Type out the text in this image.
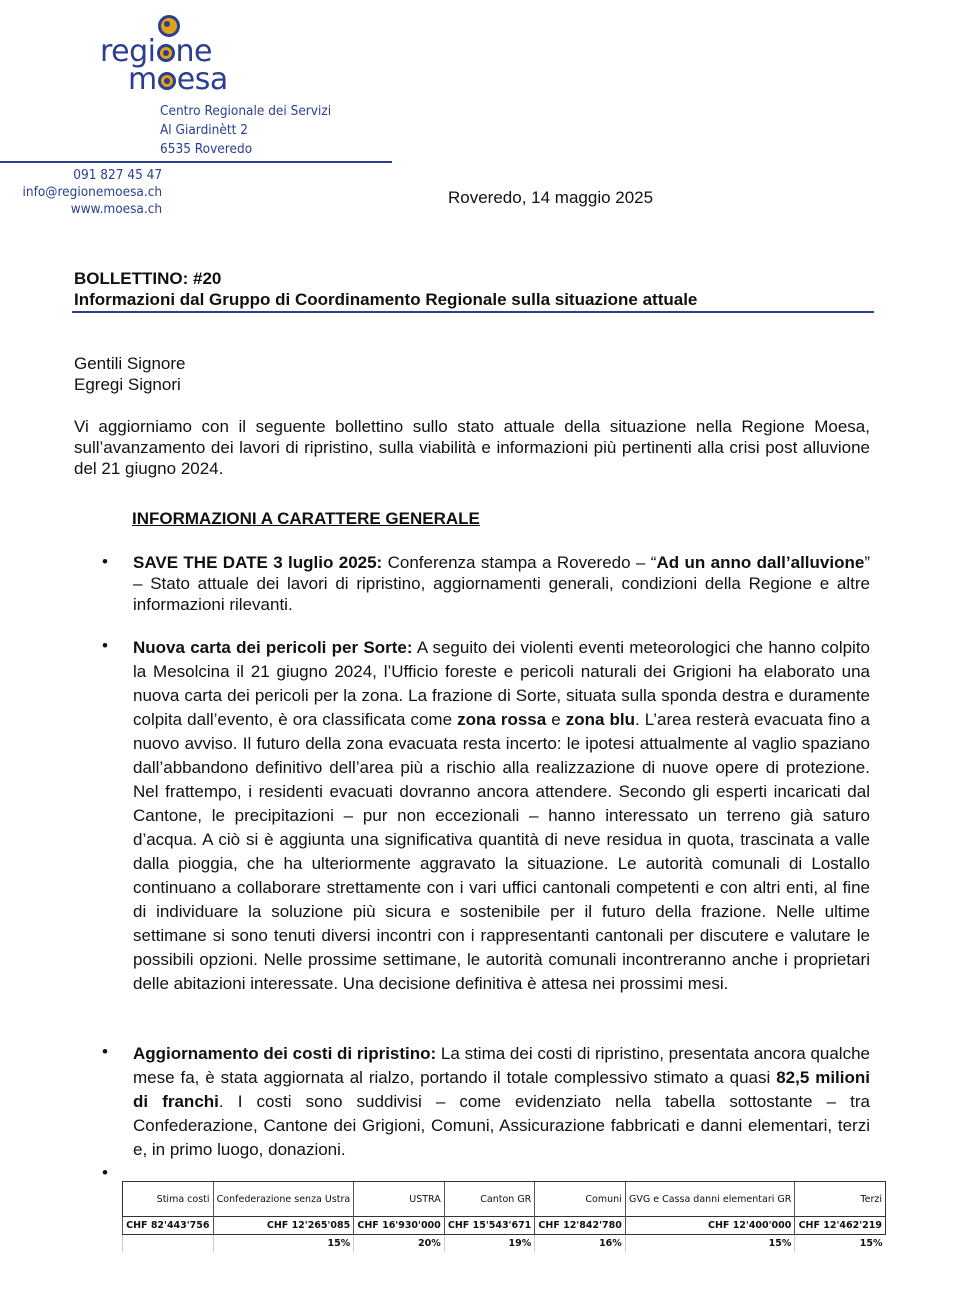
regi ne
m esa
Centro Regionale dei Servizi
Al Giardinètt 2
6535 Roveredo
091 827 45 47
info@regionemoesa.ch
www.moesa.ch
Roveredo, 14 maggio 2025
BOLLETTINO: #20
Informazioni dal Gruppo di Coordinamento Regionale sulla situazione attuale
Gentili Signore
Egregi Signori
Vi aggiorniamo con il seguente bollettino sullo stato attuale della situazione nella Regione Moesa, sull’avanzamento dei lavori di ripristino, sulla viabilità e informazioni più pertinenti alla crisi post alluvione del 21 giugno 2024.
INFORMAZIONI A CARATTERE GENERALE
• SAVE THE DATE 3 luglio 2025: Conferenza stampa a Roveredo – “Ad un anno dall’alluvione” – Stato attuale dei lavori di ripristino, aggiornamenti generali, condizioni della Regione e altre informazioni rilevanti.
• Nuova carta dei pericoli per Sorte: A seguito dei violenti eventi meteorologici che hanno colpito la Mesolcina il 21 giugno 2024, l’Ufficio foreste e pericoli naturali dei Grigioni ha elaborato una nuova carta dei pericoli per la zona. La frazione di Sorte, situata sulla sponda destra e duramente colpita dall’evento, è ora classificata come zona rossa e zona blu. L’area resterà evacuata fino a nuovo avviso. Il futuro della zona evacuata resta incerto: le ipotesi attualmente al vaglio spaziano dall’abbandono definitivo dell’area più a rischio alla realizzazione di nuove opere di protezione. Nel frattempo, i residenti evacuati dovranno ancora attendere. Secondo gli esperti incaricati dal Cantone, le precipitazioni – pur non eccezionali – hanno interessato un terreno già saturo d’acqua. A ciò si è aggiunta una significativa quantità di neve residua in quota, trascinata a valle dalla pioggia, che ha ulteriormente aggravato la situazione. Le autorità comunali di Lostallo continuano a collaborare strettamente con i vari uffici cantonali competenti e con altri enti, al fine di individuare la soluzione più sicura e sostenibile per il futuro della frazione. Nelle ultime settimane si sono tenuti diversi incontri con i rappresentanti cantonali per discutere e valutare le possibili opzioni. Nelle prossime settimane, le autorità comunali incontreranno anche i proprietari delle abitazioni interessate. Una decisione definitiva è attesa nei prossimi mesi.
• Aggiornamento dei costi di ripristino: La stima dei costi di ripristino, presentata ancora qualche mese fa, è stata aggiornata al rialzo, portando il totale complessivo stimato a quasi 82,5 milioni di franchi. I costi sono suddivisi – come evidenziato nella tabella sottostante – tra Confederazione, Cantone dei Grigioni, Comuni, Assicurazione fabbricati e danni elementari, terzi e, in primo luogo, donazioni.
•
Stima costi	Confederazione senza Ustra	USTRA	Canton GR	Comuni	GVG e Cassa danni elementari GR	Terzi
CHF 82'443'756	CHF 12'265'085	CHF 16'930'000	CHF 15'543'671	CHF 12'842'780	CHF 12'400'000	CHF 12'462'219
	15%	20%	19%	16%	15%	15%
